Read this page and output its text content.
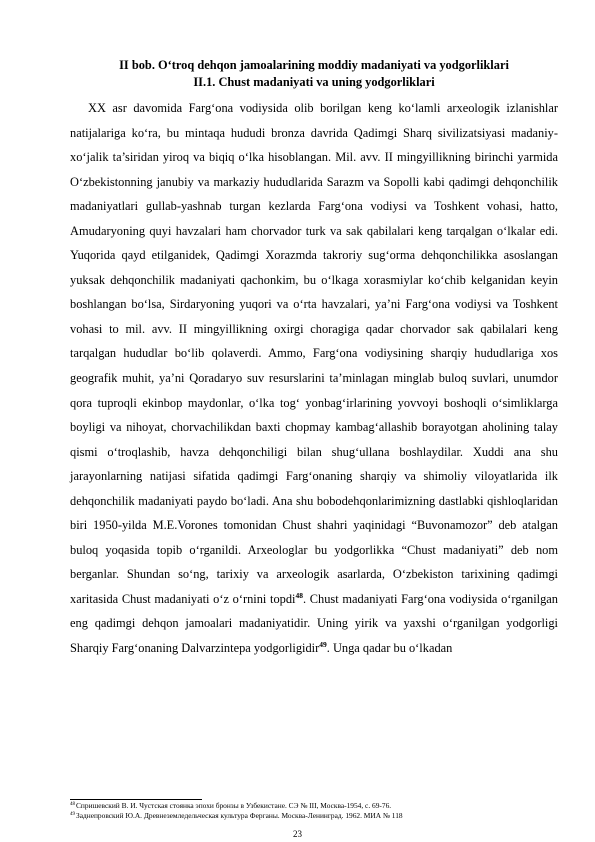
II bob. O‘troq dehqon jamoalarining moddiy madaniyati va yodgorliklari
II.1. Chust madaniyati va uning yodgorliklari

XX asr davomida Farg‘ona vodiysida olib borilgan keng ko‘lamli arxeologik izlanishlar natijalariga ko‘ra, bu mintaqa hududi bronza davrida Qadimgi Sharq sivilizatsiyasi madaniy-xo‘jalik ta’siridan yiroq va biqiq o‘lka hisoblangan. Mil. avv. II mingyillikning birinchi yarmida O‘zbekistonning janubiy va markaziy hududlarida Sarazm va Sopolli kabi qadimgi dehqonchilik madaniyatlari gullab-yashnab turgan kezlarda Farg‘ona vodiysi va Toshkent vohasi, hatto, Amudaryoning quyi havzalari ham chorvador turk va sak qabilalari keng tarqalgan o‘lkalar edi. Yuqorida qayd etilganidek, Qadimgi Xorazmda takroriy sug‘orma dehqonchilikka asoslangan yuksak dehqonchilik madaniyati qachonkim, bu o‘lkaga xorasmiylar ko‘chib kelganidan keyin boshlangan bo‘lsa, Sirdaryoning yuqori va o‘rta havzalari, ya’ni Farg‘ona vodiysi va Toshkent vohasi to mil. avv. II mingyillikning oxirgi choragiga qadar chorvador sak qabilalari keng tarqalgan hududlar bo‘lib qolaverdi. Ammo, Farg‘ona vodiysining sharqiy hududlariga xos geografik muhit, ya’ni Qoradaryo suv resurslarini ta’minlagan minglab buloq suvlari, unumdor qora tuproqli ekinbop maydonlar, o‘lka tog‘ yonbag‘irlarining yovvoyi boshoqli o‘simliklarga boyligi va nihoyat, chorvachilikdan baxti chopmay kambag‘allashib borayotgan aholining talay qismi o‘troqlashib, havza dehqonchiligi bilan shug‘ullana boshlaydilar. Xuddi ana shu jarayonlarning natijasi sifatida qadimgi Farg‘onaning sharqiy va shimoliy viloyatlarida ilk dehqonchilik madaniyati paydo bo‘ladi. Ana shu bobodehqonlarimizning dastlabki qishloqlaridan biri 1950-yilda M.E.Vorones tomonidan Chust shahri yaqinidagi “Buvonamozor” deb atalgan buloq yoqasida topib o‘rganildi. Arxeologlar bu yodgorlikka “Chust madaniyati” deb nom berganlar. Shundan so‘ng, tarixiy va arxeologik asarlarda, O‘zbekiston tarixining qadimgi xaritasida Chust madaniyati o‘z o‘rnini topdi$^{48}$. Chust madaniyati Farg‘ona vodiysida o‘rganilgan eng qadimgi dehqon jamoalari madaniyatidir. Uning yirik va yaxshi o‘rganilgan yodgorligi Sharqiy Farg‘onaning Dalvarzintepa yodgorligidir$^{49}$. Unga qadar bu o‘lkadan

$^{48}$Спришевский В. И. Чустская стоянка эпохи бронзы в Узбекистане. СЭ № III, Москва-1954, с. 69-76.
$^{49}$Заднепровский Ю.А. Древнеземледельческая культура Ферганы. Москва-Ленинград. 1962. МИА № 118
23
